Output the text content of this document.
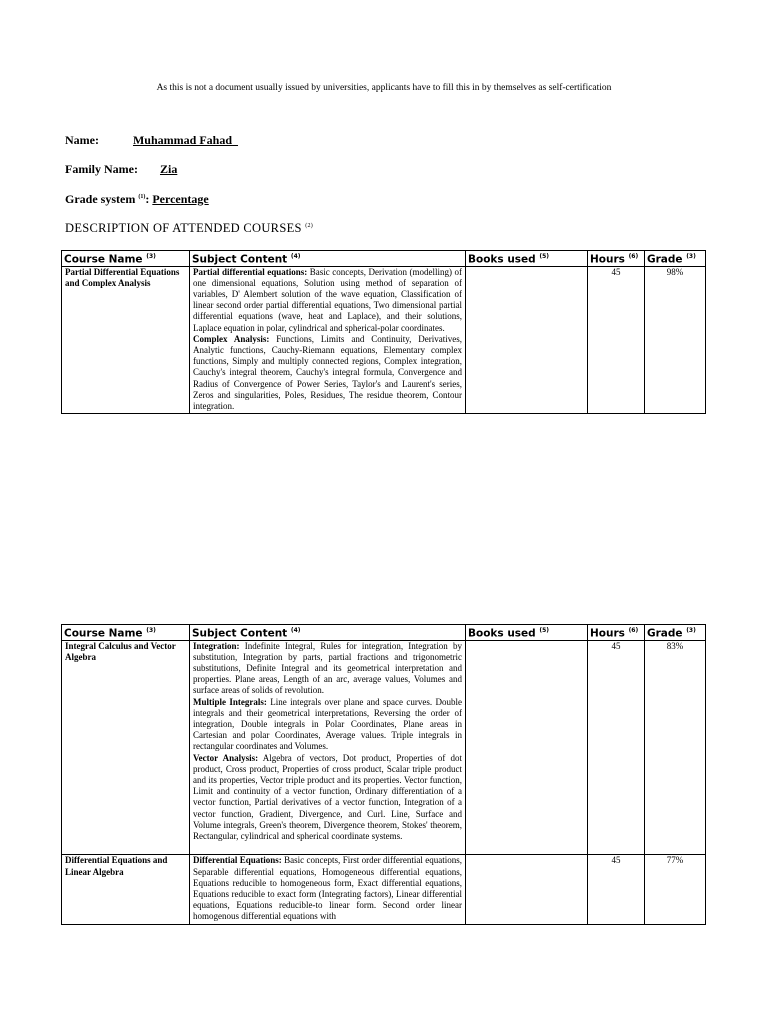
As this is not a document usually issued by universities, applicants have to fill this in by themselves as self-certification
Name:	Muhammad Fahad
Family Name: Zia
Grade system $^{(1)}$: Percentage
DESCRIPTION OF ATTENDED COURSES $^{(2)}$
Course Name $^{(3)}$	Subject Content $^{(4)}$	Books used $^{(5)}$	Hours $^{(6)}$	Grade $^{(3)}$
Partial Differential Equations and Complex Analysis	Partial differential equations: Basic concepts, Derivation (modelling) of one dimensional equations, Solution using method of separation of variables, D' Alembert solution of the wave equation, Classification of linear second order partial differential equations, Two dimensional partial differential equations (wave, heat and Laplace), and their solutions, Laplace equation in polar, cylindrical and spherical-polar coordinates.

Complex Analysis: Functions, Limits and Continuity, Derivatives, Analytic functions, Cauchy-Riemann equations, Elementary complex functions, Simply and multiply connected regions, Complex integration, Cauchy's integral theorem, Cauchy's integral formula, Convergence and Radius of Convergence of Power Series, Taylor's and Laurent's series, Zeros and singularities, Poles, Residues, The residue theorem, Contour integration.		45	98%
Course Name $^{(3)}$	Subject Content $^{(4)}$	Books used $^{(5)}$	Hours $^{(6)}$	Grade $^{(3)}$
Integral Calculus and Vector Algebra	Integration: Indefinite Integral, Rules for integration, Integration by substitution, Integration by parts, partial fractions and trigonometric substitutions, Definite Integral and its geometrical interpretation and properties. Plane areas, Length of an arc, average values, Volumes and surface areas of solids of revolution.

Multiple Integrals: Line integrals over plane and space curves. Double integrals and their geometrical interpretations, Reversing the order of integration, Double integrals in Polar Coordinates, Plane areas in Cartesian and polar Coordinates, Average values. Triple integrals in rectangular coordinates and Volumes.

Vector Analysis: Algebra of vectors, Dot product, Properties of dot product, Cross product, Properties of cross product, Scalar triple product and its properties, Vector triple product and its properties. Vector function, Limit and continuity of a vector function, Ordinary differentiation of a vector function, Partial derivatives of a vector function, Integration of a vector function, Gradient, Divergence, and Curl. Line, Surface and Volume integrals, Green's theorem, Divergence theorem, Stokes' theorem, Rectangular, cylindrical and spherical coordinate systems.		45	83%
Differential Equations and Linear Algebra	Differential Equations: Basic concepts, First order differential equations, Separable differential equations, Homogeneous differential equations, Equations reducible to homogeneous form, Exact differential equations, Equations reducible to exact form (Integrating factors), Linear differential equations, Equations reducible-to linear form. Second order linear homogenous differential equations with		45	77%
